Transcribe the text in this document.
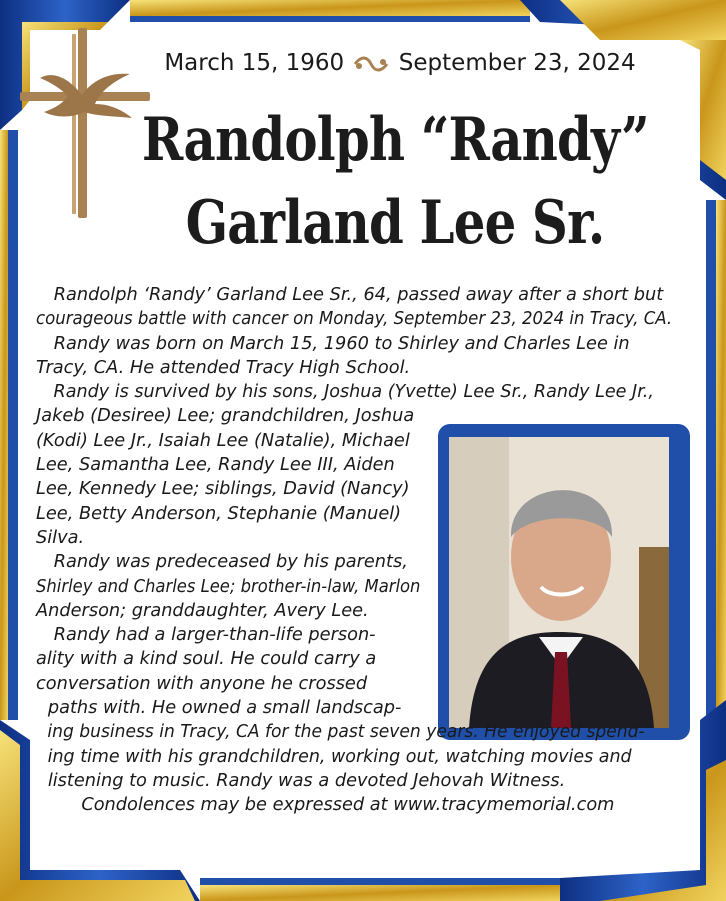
March 15, 1960 September 23, 2024
Randolph “Randy”
Garland Lee Sr.
Randolph ‘Randy’ Garland Lee Sr., 64, passed away after a short but
courageous battle with cancer on Monday, September 23, 2024 in Tracy, CA.
Randy was born on March 15, 1960 to Shirley and Charles Lee in
Tracy, CA. He attended Tracy High School.
Randy is survived by his sons, Joshua (Yvette) Lee Sr., Randy Lee Jr.,
Jakeb (Desiree) Lee; grandchildren, Joshua
(Kodi) Lee Jr., Isaiah Lee (Natalie), Michael
Lee, Samantha Lee, Randy Lee III, Aiden
Lee, Kennedy Lee; siblings, David (Nancy)
Lee, Betty Anderson, Stephanie (Manuel)
Silva.
Randy was predeceased by his parents,
Shirley and Charles Lee; brother-in-law, Marlon
Anderson; granddaughter, Avery Lee.
Randy had a larger-than-life person-
ality with a kind soul. He could carry a
conversation with anyone he crossed
paths with. He owned a small landscap-
ing business in Tracy, CA for the past seven years. He enjoyed spend-
ing time with his grandchildren, working out, watching movies and
listening to music. Randy was a devoted Jehovah Witness.
Condolences may be expressed at www.tracymemorial.com
